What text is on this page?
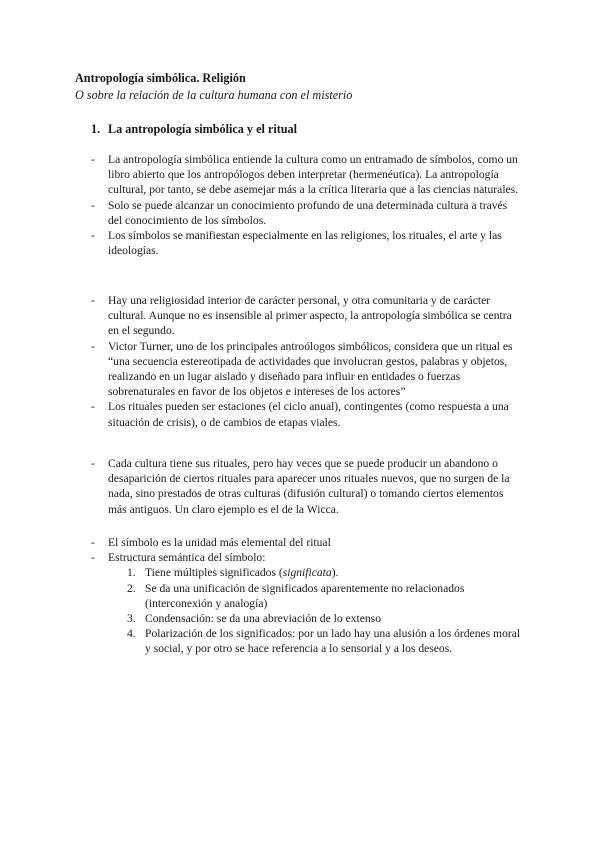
Antropología simbólica. Religión
O sobre la relación de la cultura humana con el misterio
1. La antropología simbólica y el ritual
- La antropología simbólica entiende la cultura como un entramado de símbolos, como un libro abierto que los antropólogos deben interpretar (hermenéutica). La antropología cultural, por tanto, se debe asemejar más a la crítica literaria que a las ciencias naturales.
- Solo se puede alcanzar un conocimiento profundo de una determinada cultura a través del conocimiento de los símbolos.
- Los símbolos se manifiestan especialmente en las religiones, los rituales, el arte y las ideologías.
- Hay una religiosidad interior de carácter personal, y otra comunitaria y de carácter cultural. Aunque no es insensible al primer aspecto, la antropología simbólica se centra en el segundo.
- Victor Turner, uno de los principales antroólogos simbólicos, considera que un ritual es “una secuencia estereotipada de actividades que involucran gestos, palabras y objetos, realizando en un lugar aislado y diseñado para influir en entidades o fuerzas sobrenaturales en favor de los objetos e intereses de los actores”
- Los rituales pueden ser estaciones (el ciclo anual), contingentes (como respuesta a una situación de crisis), o de cambios de etapas viales.
- Cada cultura tiene sus rituales, pero hay veces que se puede producir un abandono o desaparición de ciertos rituales para aparecer unos rituales nuevos, que no surgen de la nada, sino prestados de otras culturas (difusión cultural) o tomando ciertos elementos más antiguos. Un claro ejemplo es el de la Wicca.
- El símbolo es la unidad más elemental del ritual
- Estructura semántica del símbolo:
1. Tiene múltiples significados (significata).
2. Se da una unificación de significados aparentemente no relacionados (interconexión y analogía)
3. Condensación: se da una abreviación de lo extenso
4. Polarización de los significados: por un lado hay una alusión a los órdenes moral y social, y por otro se hace referencia a lo sensorial y a los deseos.
